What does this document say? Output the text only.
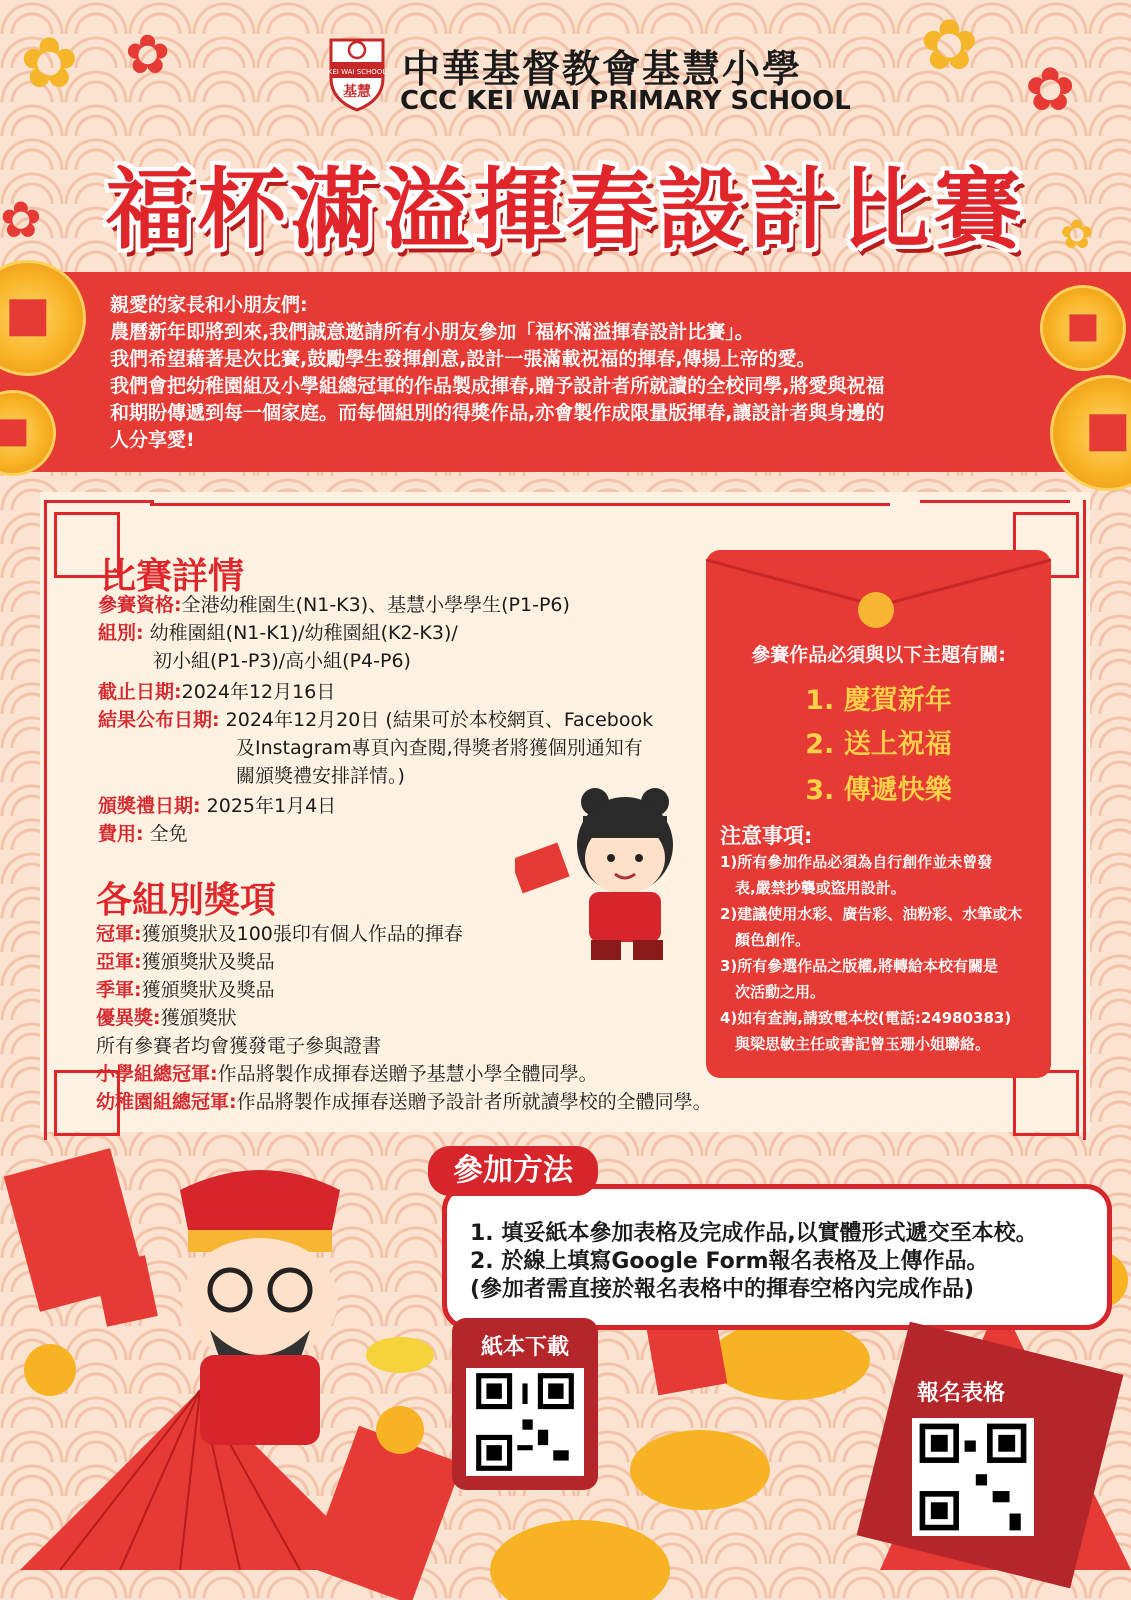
✿ ✿	✿
✿
✿	✿
KEI WAI SCHOOL
基慧
中華基督教會基慧小學
CCC KEI WAI PRIMARY SCHOOL
福杯滿溢揮春設計比賽

親愛的家長和小朋友們:

農曆新年即將到來,我們誠意邀請所有小朋友參加「福杯滿溢揮春設計比賽」。

我們希望藉著是次比賽,鼓勵學生發揮創意,設計一張滿載祝福的揮春,傳揚上帝的愛。

我們會把幼稚園組及小學組總冠軍的作品製成揮春,贈予設計者所就讀的全校同學,將愛與祝福

和期盼傳遞到每一個家庭。而每個組別的得獎作品,亦會製作成限量版揮春,讓設計者與身邊的

人分享愛!

比賽詳情
參賽資格:全港幼稚園生(N1-K3)、基慧小學學生(P1-P6)
組別: 幼稚園組(N1-K1)/幼稚園組(K2-K3)/
初小組(P1-P3)/高小組(P4-P6)
截止日期:2024年12月16日
結果公布日期: 2024年12月20日 (結果可於本校網頁、Facebook
及Instagram專頁內查閱,得獎者將獲個別通知有
關頒獎禮安排詳情。)
頒獎禮日期: 2025年1月4日
費用: 全免
各組別獎項
冠軍:獲頒獎狀及100張印有個人作品的揮春
亞軍:獲頒獎狀及獎品
季軍:獲頒獎狀及獎品
優異獎:獲頒獎狀
所有參賽者均會獲發電子參與證書
小學組總冠軍:作品將製作成揮春送贈予基慧小學全體同學。
幼稚園組總冠軍:作品將製作成揮春送贈予設計者所就讀學校的全體同學。
參賽作品必須與以下主題有關:
1. 慶賀新年
2. 送上祝福
3. 傳遞快樂
注意事項:
1)所有參加作品必須為自行創作並未曾發
表,嚴禁抄襲或盜用設計。
2)建議使用水彩、廣告彩、油粉彩、水筆或木
顏色創作。
3)所有參選作品之版權,將轉給本校有關是
次活動之用。
4)如有查詢,請致電本校(電話:24980383)
與梁思敏主任或書記曾玉珊小姐聯絡。
參加方法
1. 填妥紙本參加表格及完成作品,以實體形式遞交至本校。
2. 於線上填寫Google Form報名表格及上傳作品。
(參加者需直接於報名表格中的揮春空格內完成作品)
紙本下載
報名表格
